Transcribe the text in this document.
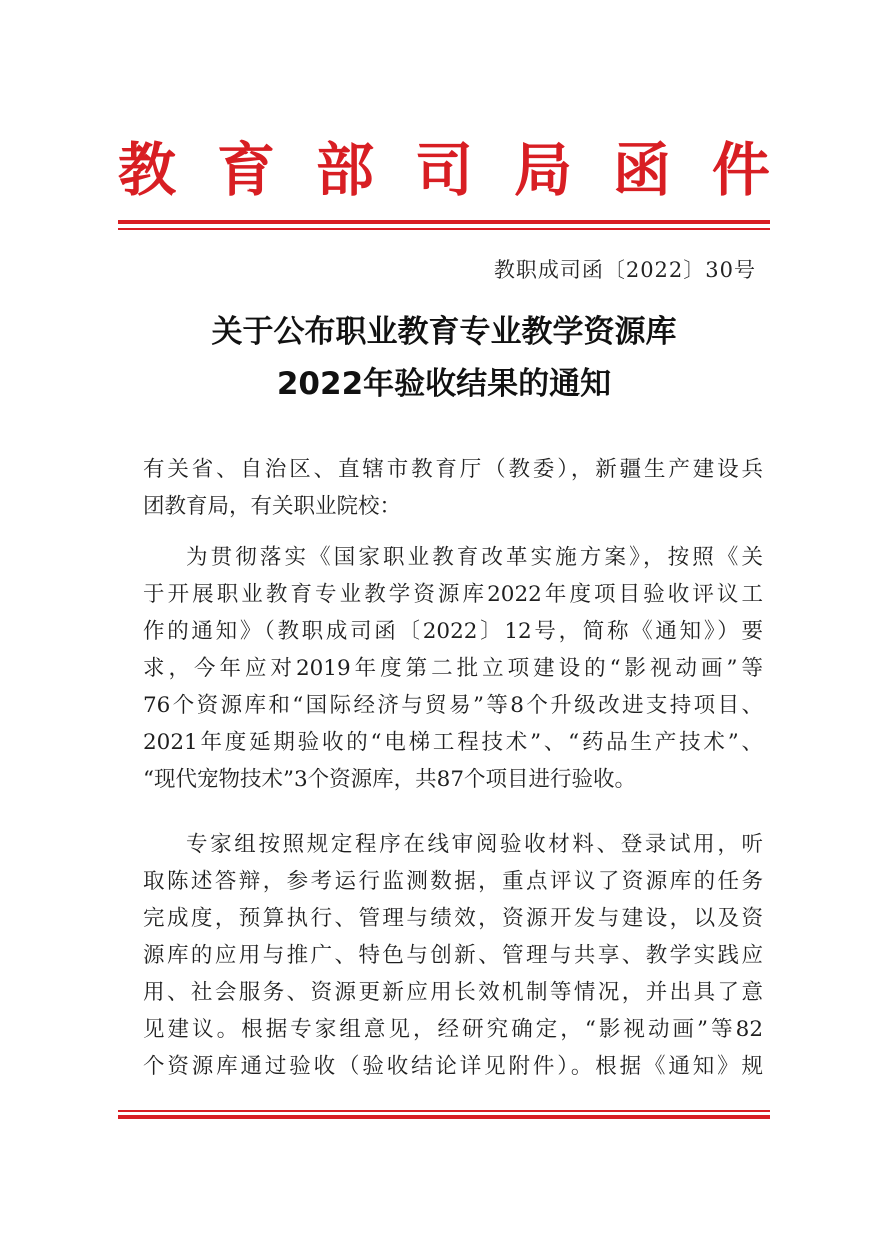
教 育 部 司 局 函 件
教职成司函〔2022〕30号
关于公布职业教育专业教学资源库
2022年验收结果的通知
有关省、自治区、直辖市教育厅（教委），新疆生产建设兵
团教育局，有关职业院校：
为贯彻落实《国家职业教育改革实施方案》，按照《关
于开展职业教育专业教学资源库2022年度项目验收评议工
作的通知》（教职成司函〔2022〕12号，简称《通知》）要
求，今年应对2019年度第二批立项建设的“影视动画”等
76个资源库和“国际经济与贸易”等8个升级改进支持项目、
2021年度延期验收的“电梯工程技术”、“药品生产技术”、
“现代宠物技术”3个资源库，共87个项目进行验收。
专家组按照规定程序在线审阅验收材料、登录试用，听
取陈述答辩，参考运行监测数据，重点评议了资源库的任务
完成度，预算执行、管理与绩效，资源开发与建设，以及资
源库的应用与推广、特色与创新、管理与共享、教学实践应
用、社会服务、资源更新应用长效机制等情况，并出具了意
见建议。根据专家组意见，经研究确定，“影视动画”等82
个资源库通过验收（验收结论详见附件）。根据《通知》规
